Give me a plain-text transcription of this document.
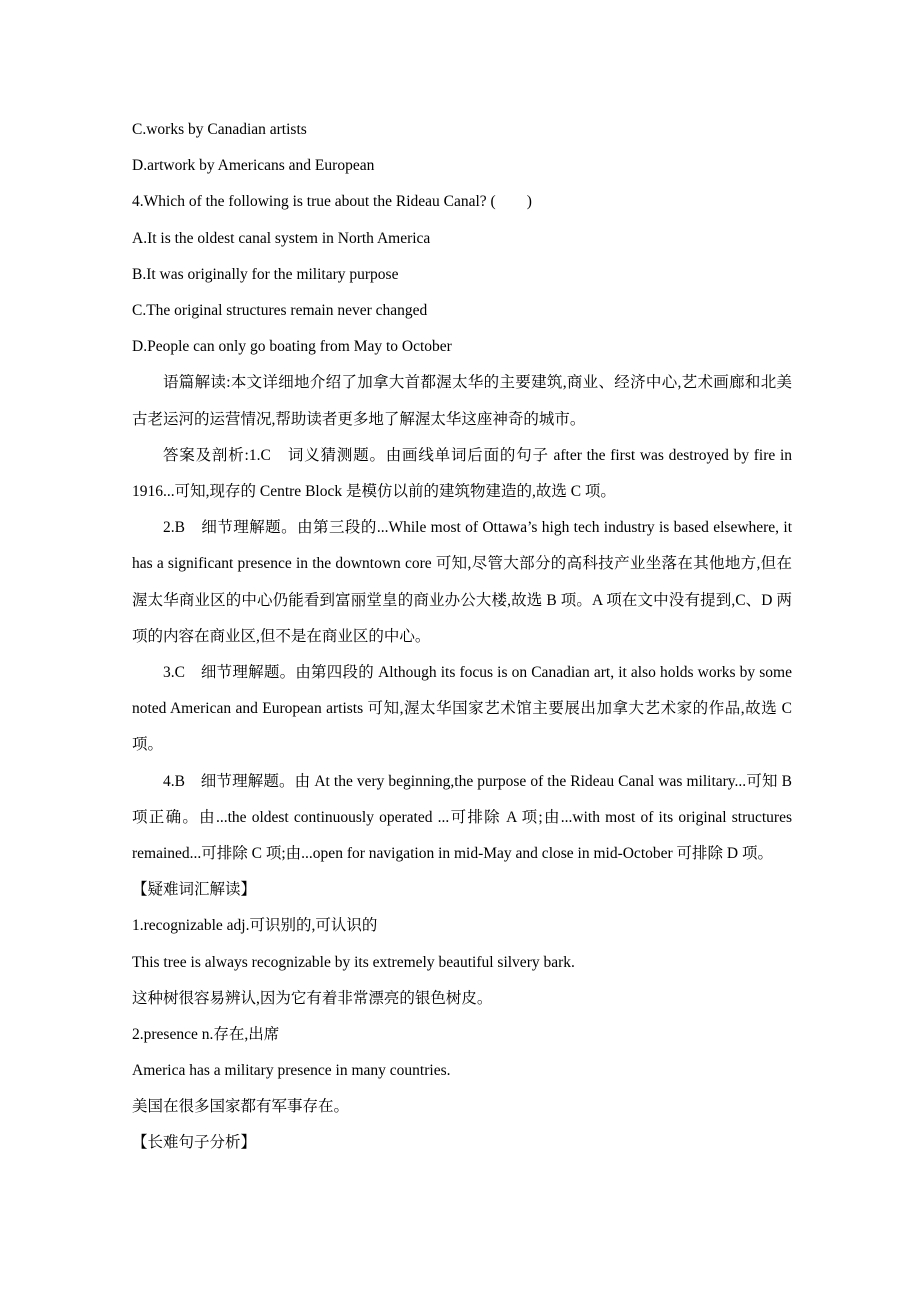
C.works by Canadian artists

D.artwork by Americans and European

4.Which of the following is true about the Rideau Canal? (　　)

A.It is the oldest canal system in North America

B.It was originally for the military purpose

C.The original structures remain never changed

D.People can only go boating from May to October

语篇解读:本文详细地介绍了加拿大首都渥太华的主要建筑,商业、经济中心,艺术画廊和北美古老运河的运营情况,帮助读者更多地了解渥太华这座神奇的城市。

答案及剖析:1.C　词义猜测题。由画线单词后面的句子 after the first was destroyed by fire in 1916...可知,现存的 Centre Block 是模仿以前的建筑物建造的,故选 C 项。

2.B　细节理解题。由第三段的...While most of Ottawa’s high tech industry is based elsewhere, it has a significant presence in the downtown core 可知,尽管大部分的高科技产业坐落在其他地方,但在渥太华商业区的中心仍能看到富丽堂皇的商业办公大楼,故选 B 项。A 项在文中没有提到,C、D 两项的内容在商业区,但不是在商业区的中心。

3.C　细节理解题。由第四段的 Although its focus is on Canadian art, it also holds works by some noted American and European artists 可知,渥太华国家艺术馆主要展出加拿大艺术家的作品,故选 C 项。

4.B　细节理解题。由 At the very beginning,the purpose of the Rideau Canal was military...可知 B 项正确。由...the oldest continuously operated ...可排除 A 项;由...with most of its original structures remained...可排除 C 项;由...open for navigation in mid-May and close in mid-October 可排除 D 项。

【疑难词汇解读】

1.recognizable adj.可识别的,可认识的

This tree is always recognizable by its extremely beautiful silvery bark.

这种树很容易辨认,因为它有着非常漂亮的银色树皮。

2.presence n.存在,出席

America has a military presence in many countries.

美国在很多国家都有军事存在。

【长难句子分析】
